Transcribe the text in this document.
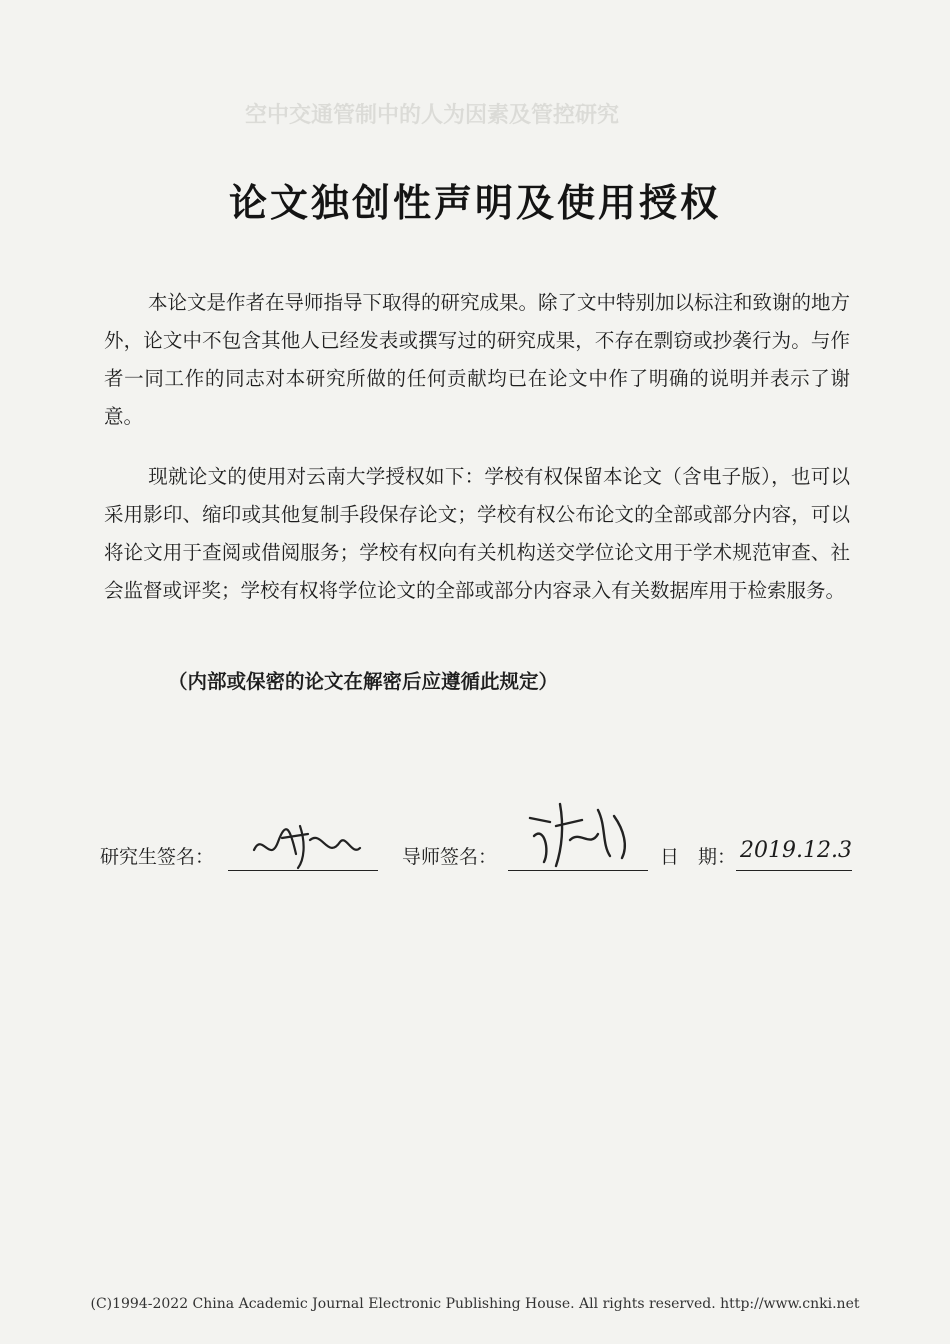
空中交通管制中的人为因素及管控研究
论文独创性声明及使用授权
本论文是作者在导师指导下取得的研究成果。除了文中特别加以标注和致谢的地方外，论文中不包含其他人已经发表或撰写过的研究成果，不存在剽窃或抄袭行为。与作者一同工作的同志对本研究所做的任何贡献均已在论文中作了明确的说明并表示了谢意。
现就论文的使用对云南大学授权如下：学校有权保留本论文（含电子版），也可以采用影印、缩印或其他复制手段保存论文；学校有权公布论文的全部或部分内容，可以将论文用于查阅或借阅服务；学校有权向有关机构送交学位论文用于学术规范审查、社会监督或评奖；学校有权将学位论文的全部或部分内容录入有关数据库用于检索服务。
（内部或保密的论文在解密后应遵循此规定）
研究生签名：	导师签名：	日　期： 2019.12.3
(C)1994-2022 China Academic Journal Electronic Publishing House. All rights reserved. http://www.cnki.net
